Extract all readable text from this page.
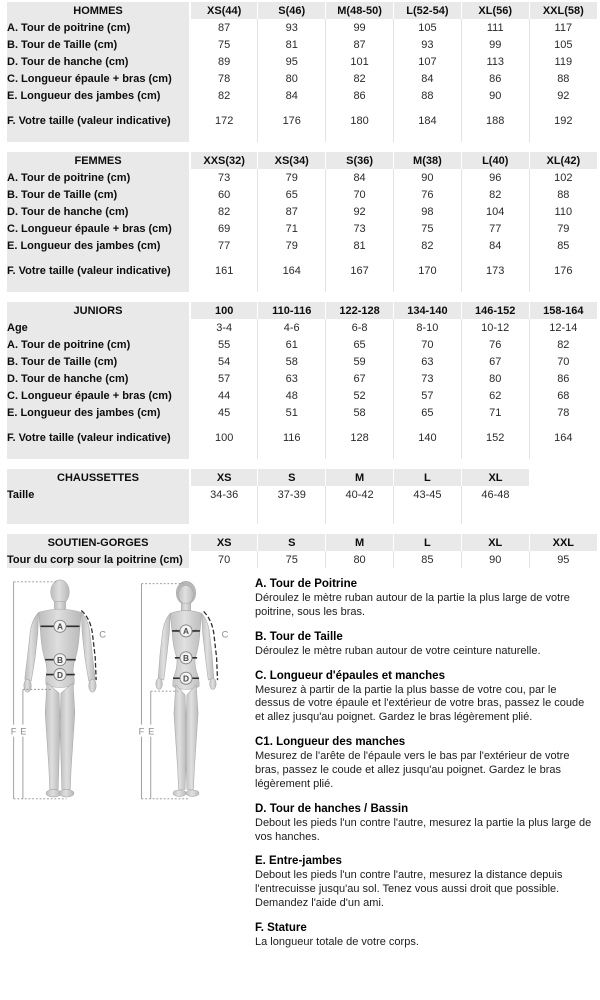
HOMMES	XS(44)	S(46)	M(48-50)	L(52-54)	XL(56)	XXL(58)
A. Tour de poitrine (cm)	87	93	99	105	111	117
B. Tour de Taille (cm)	75	81	87	93	99	105
D. Tour de hanche (cm)	89	95	101	107	113	119
C. Longueur épaule + bras (cm)	78	80	82	84	86	88
E. Longueur des jambes (cm)	82	84	86	88	90	92

F. Votre taille (valeur indicative)	172	176	180	184	188	192

FEMMES	XXS(32)	XS(34)	S(36)	M(38)	L(40)	XL(42)
A. Tour de poitrine (cm)	73	79	84	90	96	102
B. Tour de Taille (cm)	60	65	70	76	82	88
D. Tour de hanche (cm)	82	87	92	98	104	110
C. Longueur épaule + bras (cm)	69	71	73	75	77	79
E. Longueur des jambes (cm)	77	79	81	82	84	85

F. Votre taille (valeur indicative)	161	164	167	170	173	176

JUNIORS	100	110-116	122-128	134-140	146-152	158-164
Age	3-4	4-6	6-8	8-10	10-12	12-14
A. Tour de poitrine (cm)	55	61	65	70	76	82
B. Tour de Taille (cm)	54	58	59	63	67	70
D. Tour de hanche (cm)	57	63	67	73	80	86
C. Longueur épaule + bras (cm)	44	48	52	57	62	68
E. Longueur des jambes (cm)	45	51	58	65	71	78

F. Votre taille (valeur indicative)	100	116	128	140	152	164

CHAUSSETTES	XS	S	M	L	XL	
Taille	34-36	37-39	40-42	43-45	46-48	

SOUTIEN-GORGES	XS	S	M	L	XL	XXL
Tour du corp sour la poitrine (cm)	70	75	80	85	90	95
F E
C
A
B
D
F E
C
A
B
D
A. Tour de Poitrine
Déroulez le mètre ruban autour de la partie la plus large de votre poitrine, sous les bras.
B. Tour de Taille
Déroulez le mètre ruban autour de votre ceinture naturelle.
C. Longueur d'épaules et manches
Mesurez à partir de la partie la plus basse de votre cou, par le dessus de votre épaule et l'extérieur de votre bras, passez le coude et allez jusqu'au poignet. Gardez le bras légèrement plié.
C1. Longueur des manches
Mesurez de l'arête de l'épaule vers le bas par l'extérieur de votre bras, passez le coude et allez jusqu'au poignet. Gardez le bras légèrement plié.
D. Tour de hanches / Bassin
Debout les pieds l'un contre l'autre, mesurez la partie la plus large de vos hanches.
E. Entre-jambes
Debout les pieds l'un contre l'autre, mesurez la distance depuis l'entrecuisse jusqu'au sol. Tenez vous aussi droit que possible. Demandez l'aide d'un ami.
F. Stature
La longueur totale de votre corps.
